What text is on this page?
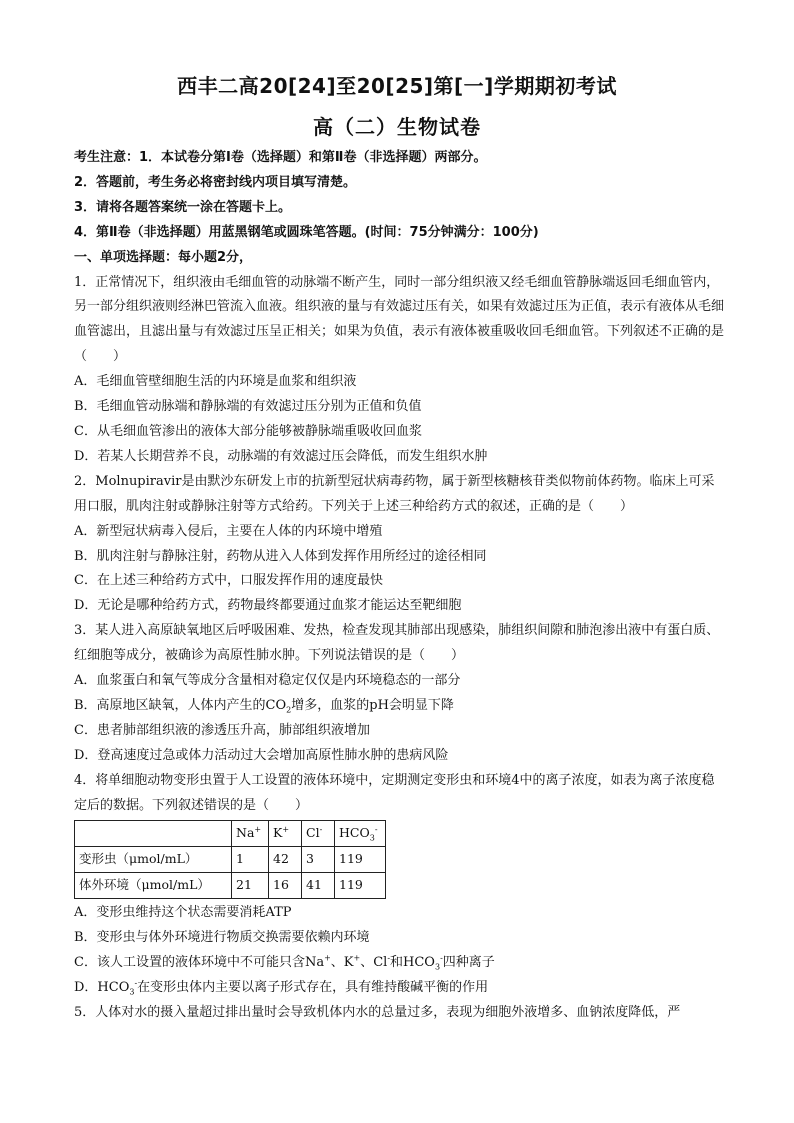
西丰二高20[24]至20[25]第[一]学期期初考试
高（二）生物试卷

考生注意：1．本试卷分第Ⅰ卷（选择题）和第Ⅱ卷（非选择题）两部分。

2．答题前，考生务必将密封线内项目填写清楚。

3．请将各题答案统一涂在答题卡上。

4．第Ⅱ卷（非选择题）用蓝黑钢笔或圆珠笔答题。(时间：75分钟满分：100分)

一、单项选择题：每小题2分，

1．正常情况下，组织液由毛细血管的动脉端不断产生，同时一部分组织液又经毛细血管静脉端返回毛细血管内，另一部分组织液则经淋巴管流入血液。组织液的量与有效滤过压有关，如果有效滤过压为正值，表示有液体从毛细血管滤出，且滤出量与有效滤过压呈正相关；如果为负值，表示有液体被重吸收回毛细血管。下列叙述不正确的是（　　）

A．毛细血管壁细胞生活的内环境是血浆和组织液

B．毛细血管动脉端和静脉端的有效滤过压分别为正值和负值

C．从毛细血管渗出的液体大部分能够被静脉端重吸收回血浆

D．若某人长期营养不良，动脉端的有效滤过压会降低，而发生组织水肿

2．Molnupiravir是由默沙东研发上市的抗新型冠状病毒药物，属于新型核糖核苷类似物前体药物。临床上可采用口服，肌肉注射或静脉注射等方式给药。下列关于上述三种给药方式的叙述，正确的是（　　）

A．新型冠状病毒入侵后，主要在人体的内环境中增殖

B．肌肉注射与静脉注射，药物从进入人体到发挥作用所经过的途径相同

C．在上述三种给药方式中，口服发挥作用的速度最快

D．无论是哪种给药方式，药物最终都要通过血浆才能运达至靶细胞

3．某人进入高原缺氧地区后呼吸困难、发热，检查发现其肺部出现感染，肺组织间隙和肺泡渗出液中有蛋白质、红细胞等成分，被确诊为高原性肺水肿。下列说法错误的是（　　）

A．血浆蛋白和氧气等成分含量相对稳定仅仅是内环境稳态的一部分

B．高原地区缺氧，人体内产生的$CO_2$增多，血浆的pH会明显下降

C．患者肺部组织液的渗透压升高，肺部组织液增加

D．登高速度过急或体力活动过大会增加高原性肺水肿的患病风险

4．将单细胞动物变形虫置于人工设置的液体环境中，定期测定变形虫和环境4中的离子浓度，如表为离子浓度稳定后的数据。下列叙述错误的是（　　）

	Na+	K+	Cl-	$HCO_3^-$
变形虫（μmol/mL）	1	42	3	119
体外环境（μmol/mL）	21	16	41	119

A．变形虫维持这个状态需要消耗ATP

B．变形虫与体外环境进行物质交换需要依赖内环境

C．该人工设置的液体环境中不可能只含Na+、K+、Cl-和$HCO_3^-$四种离子

D．$HCO_3^-$在变形虫体内主要以离子形式存在，具有维持酸碱平衡的作用

5．人体对水的摄入量超过排出量时会导致机体内水的总量过多，表现为细胞外液增多、血钠浓度降低，严
